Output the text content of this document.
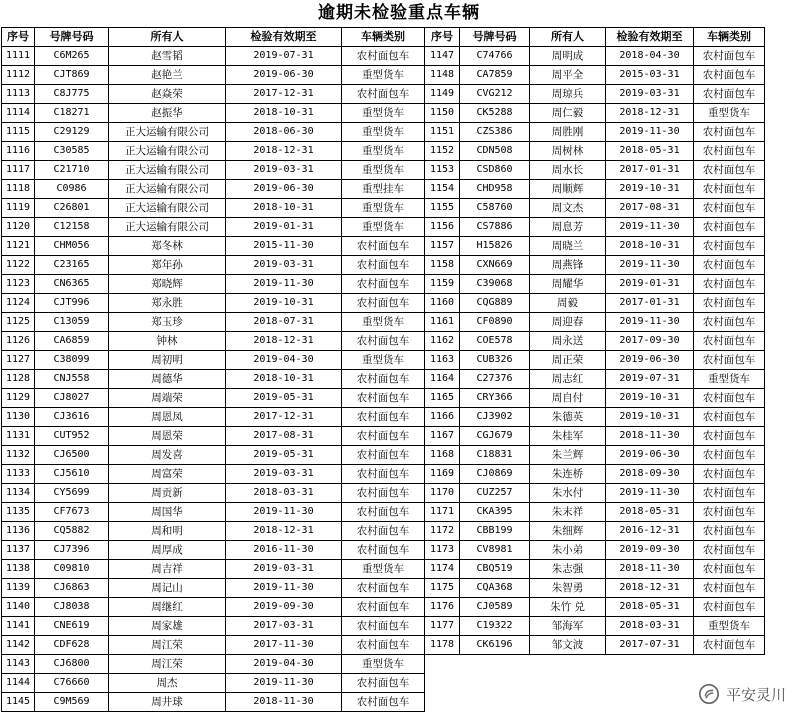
逾期未检验重点车辆
序号	号牌号码	所有人	检验有效期至	车辆类别
1111	C6M265	赵雪韬	2019-07-31	农村面包车
1112	CJT869	赵艳兰	2019-06-30	重型货车
1113	C8J775	赵焱荣	2017-12-31	农村面包车
1114	C18271	赵振华	2018-10-31	重型货车
1115	C29129	正大运输有限公司	2018-06-30	重型货车
1116	C30585	正大运输有限公司	2018-12-31	重型货车
1117	C21710	正大运输有限公司	2019-03-31	重型货车
1118	C0986	正大运输有限公司	2019-06-30	重型挂车
1119	C26801	正大运输有限公司	2018-10-31	重型货车
1120	C12158	正大运输有限公司	2019-01-31	重型货车
1121	CHM056	郑冬林	2015-11-30	农村面包车
1122	C23165	郑年孙	2019-03-31	农村面包车
1123	CN6365	郑晓辉	2019-11-30	农村面包车
1124	CJT996	郑永胜	2019-10-31	农村面包车
1125	C13059	郑玉珍	2018-07-31	重型货车
1126	CA6859	钟林	2018-12-31	农村面包车
1127	C38099	周初明	2019-04-30	重型货车
1128	CNJ558	周德华	2018-10-31	农村面包车
1129	CJ8027	周端荣	2019-05-31	农村面包车
1130	CJ3616	周恩凤	2017-12-31	农村面包车
1131	CUT952	周恩荣	2017-08-31	农村面包车
1132	CJ6500	周发喜	2019-05-31	农村面包车
1133	CJ5610	周富荣	2019-03-31	农村面包车
1134	CY5699	周贡新	2018-03-31	农村面包车
1135	CF7673	周国华	2019-11-30	农村面包车
1136	CQ5882	周和明	2018-12-31	农村面包车
1137	CJ7396	周厚成	2016-11-30	农村面包车
1138	C09810	周吉祥	2019-03-31	重型货车
1139	CJ6863	周记山	2019-11-30	农村面包车
1140	CJ8038	周继红	2019-09-30	农村面包车
1141	CNE619	周家雄	2017-03-31	农村面包车
1142	CDF628	周江荣	2017-11-30	农村面包车
1143	CJ6800	周江荣	2019-04-30	重型货车
1144	C76660	周杰	2019-11-30	农村面包车
1145	C9M569	周井球	2018-11-30	农村面包车
序号	号牌号码	所有人	检验有效期至	车辆类别
1147	C74766	周明成	2018-04-30	农村面包车
1148	CA7859	周平全	2015-03-31	农村面包车
1149	CVG212	周琼兵	2019-03-31	农村面包车
1150	CK5288	周仁毅	2018-12-31	重型货车
1151	CZS386	周胜刚	2019-11-30	农村面包车
1152	CDN508	周树林	2018-05-31	农村面包车
1153	CSD860	周水长	2017-01-31	农村面包车
1154	CHD958	周顺辉	2019-10-31	农村面包车
1155	C58760	周文杰	2017-08-31	农村面包车
1156	CS7886	周息芳	2019-11-30	农村面包车
1157	H15826	周晓兰	2018-10-31	农村面包车
1158	CXN669	周燕锋	2019-11-30	农村面包车
1159	C39068	周耀华	2019-01-31	农村面包车
1160	CQG889	周毅	2017-01-31	农村面包车
1161	CF0890	周迎春	2019-11-30	农村面包车
1162	COE578	周永送	2017-09-30	农村面包车
1163	CUB326	周正荣	2019-06-30	农村面包车
1164	C27376	周志红	2019-07-31	重型货车
1165	CRY366	周自付	2019-10-31	农村面包车
1166	CJ3902	朱德英	2019-10-31	农村面包车
1167	CGJ679	朱桂军	2018-11-30	农村面包车
1168	C18831	朱兰辉	2019-06-30	农村面包车
1169	CJ0869	朱连桥	2018-09-30	农村面包车
1170	CUZ257	朱水付	2019-11-30	农村面包车
1171	CKA395	朱末祥	2018-05-31	农村面包车
1172	CBB199	朱细辉	2016-12-31	农村面包车
1173	CV8981	朱小弟	2019-09-30	农村面包车
1174	CBQ519	朱志强	2018-11-30	农村面包车
1175	CQA368	朱智勇	2018-12-31	农村面包车
1176	CJ0589	朱竹 兑	2018-05-31	农村面包车
1177	C19322	邹海军	2018-03-31	重型货车
1178	CK6196	邹文波	2017-07-31	农村面包车
平安灵川
